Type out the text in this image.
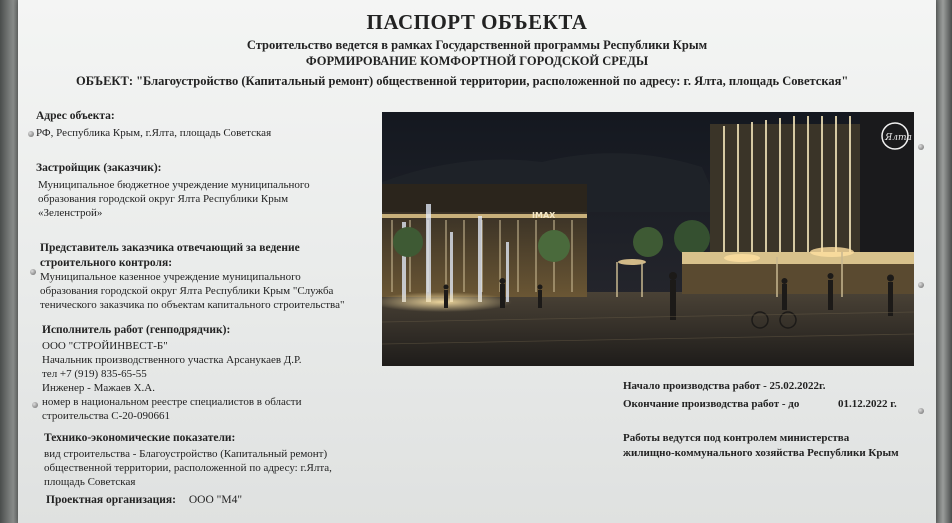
ПАСПОРТ ОБЪЕКТА
Строительство ведется в рамках Государственной программы Республики Крым
ФОРМИРОВАНИЕ КОМФОРТНОЙ ГОРОДСКОЙ СРЕДЫ
ОБЪЕКТ: "Благоустройство (Капитальный ремонт) общественной территории, расположенной по адресу: г. Ялта, площадь Советская"
Адрес объекта:
РФ, Республика Крым, г.Ялта, площадь Советская
Застройщик (заказчик):
Муниципальное бюджетное учреждение муниципального
образования городской округ Ялта Республики Крым
«Зеленстрой»
Представитель заказчика отвечающий за ведение
строительного контроля:
Муниципальное казенное учреждение муниципального
образования городской округ Ялта Республики Крым "Служба
теничеcкого заказчика по объектам капитального строительства"
Исполнитель работ (генподрядчик):
ООО "СТРОЙИНВЕСТ-Б"
Начальник производственного участка Арсанукаев Д.Р.
тел +7 (919) 835-65-55
Инженер - Мажаев Х.А.
номер в национальном реестре специалистов в области
строительства С-20-090661
Технико-экономические показатели:
вид строительства - Благоустройство (Капитальный ремонт)
общественной территории, расположенной по адресу: г.Ялта,
площадь Советская
Проектная организация: ООО "М4"
IMAX
Ялта
Начало производства работ - 25.02.2022г.
Окончание производства работ - до	01.12.2022 г.
Работы ведутся под контролем министерства
жилищно-коммунального хозяйства Республики Крым
